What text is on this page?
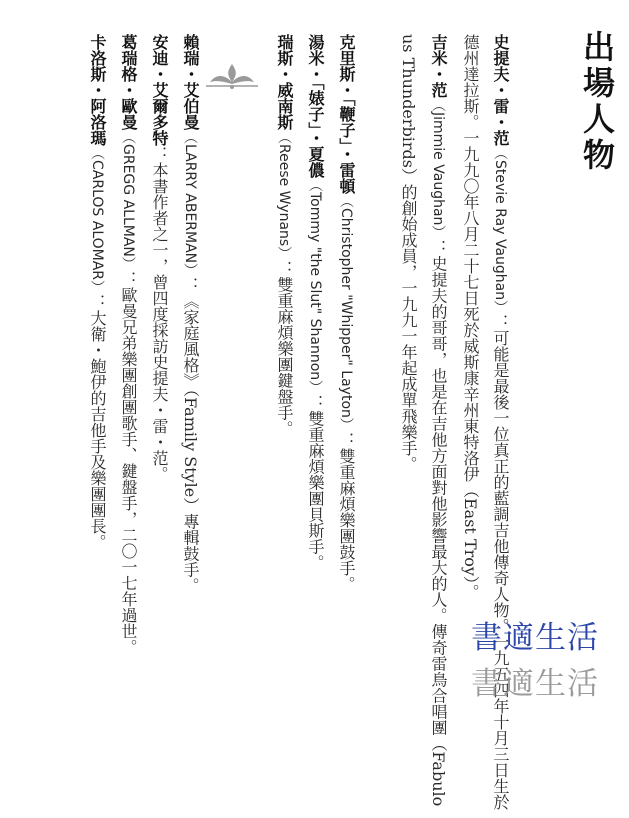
出場人物
史提夫・雷・范（Stevie Ray Vaughan）：可能是最後一位真正的藍調吉他傳奇人物。一九五四年十月三日生於德州達拉斯。一九九〇年八月二十七日死於威斯康辛州東特洛伊（East Troy）。
吉米・范（Jimmie Vaughan）：史提夫的哥哥，也是在吉他方面對他影響最大的人。傳奇雷鳥合唱團（Fabulous Thunderbirds）的創始成員，一九九一年起成單飛樂手。
克里斯・「鞭子」・雷頓（Christopher "Whipper" Layton）：雙重麻煩樂團鼓手。
湯米・「婊子」・夏儂（Tommy "the Slut" Shannon）：雙重麻煩樂團貝斯手。
瑞斯・威南斯（Reese Wynans）：雙重麻煩樂團鍵盤手。
賴瑞・艾伯曼（LARRY ABERMAN）：《家庭風格》（Family Style）專輯鼓手。
安迪・艾爾多特：本書作者之一，曾四度採訪史提夫・雷・范。
葛瑞格・歐曼（GREGG ALLMAN）：歐曼兄弟樂團創團歌手、鍵盤手，二〇一七年過世。
卡洛斯・阿洛瑪（CARLOS ALOMAR）：大衛・鮑伊的吉他手及樂團團長。
書適生活
書適生活
